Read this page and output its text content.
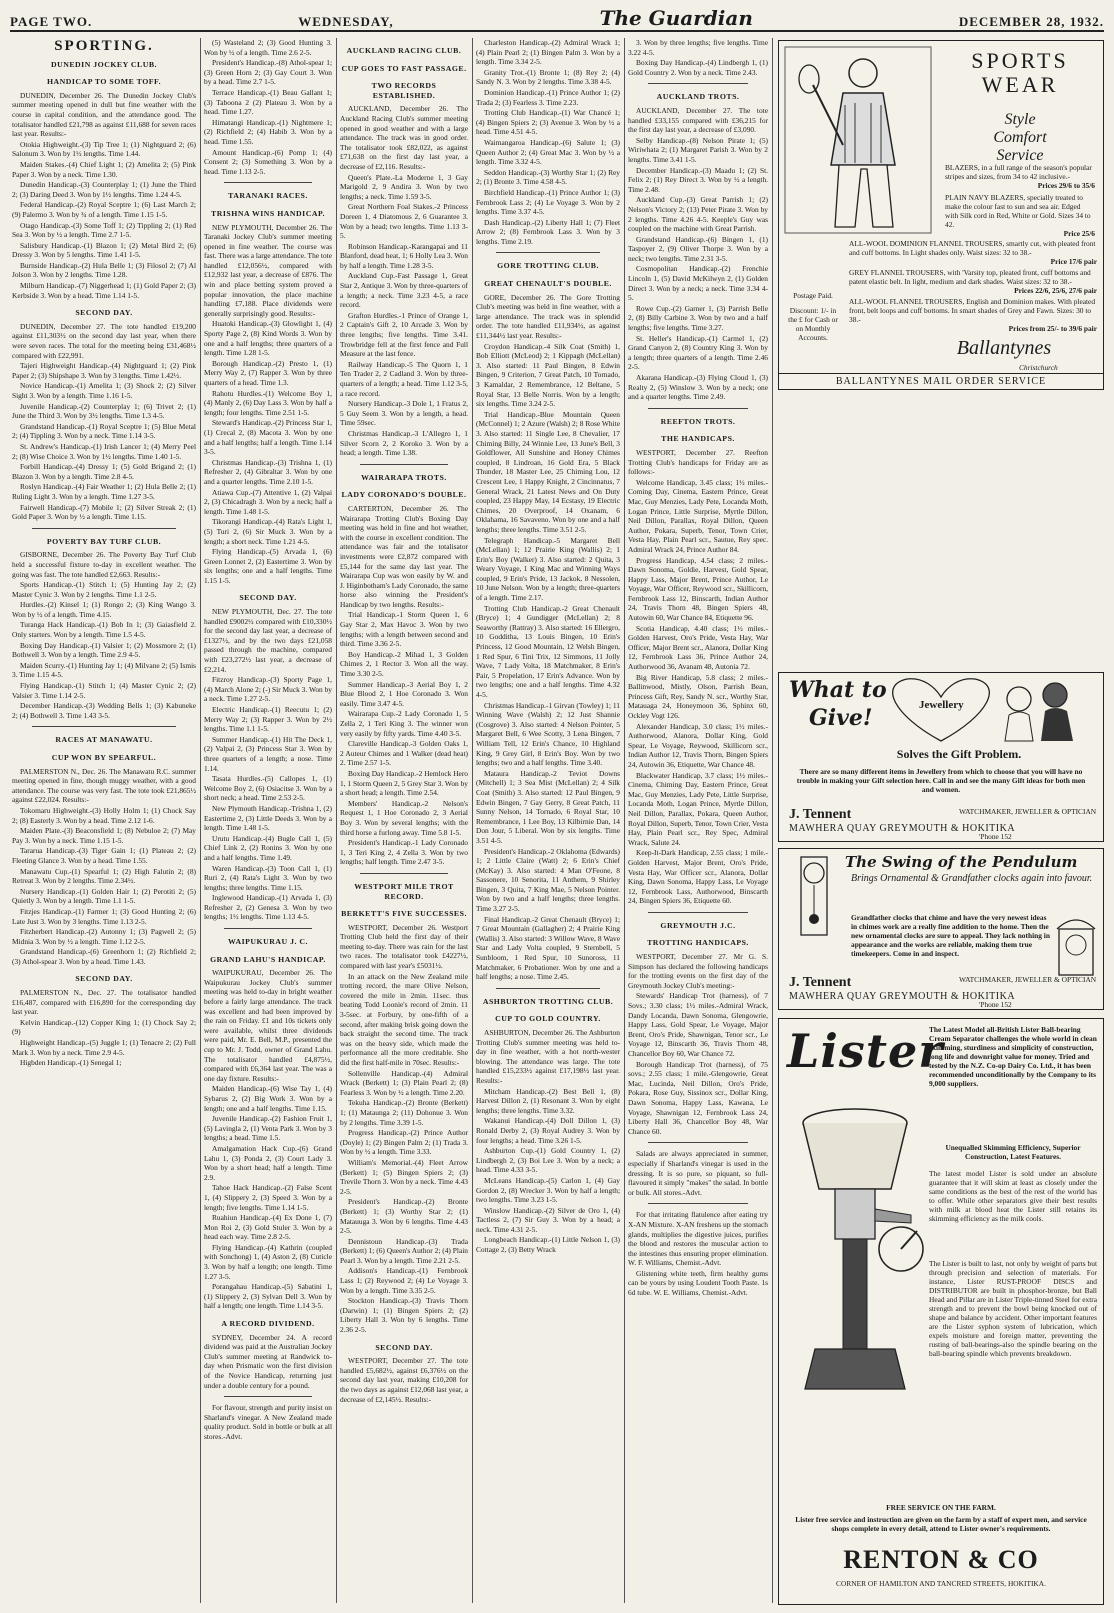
PAGE TWO.	WEDNESDAY,	The Guardian	DECEMBER 28, 1932.

SPORTING.

DUNEDIN JOCKEY CLUB.

HANDICAP TO SOME TOFF.

DUNEDIN, December 26. The Dunedin Jockey Club's summer meeting opened in dull but fine weather with the course in capital condition, and the attendance good. The totalisator handled £21,798 as against £11,688 for seven races last year. Results:-

Otokia Highweight.-(3) Tip Tree 1; (1) Nightguard 2; (6) Salonum 3. Won by 1½ lengths. Time 1.44.

Maiden Stakes.-(4) Chief Light 1; (2) Amelita 2; (5) Pink Paper 3. Won by a neck. Time 1.30.

Dunedin Handicap.-(3) Counterplay 1; (1) June the Third 2; (3) Daring Deed 3. Won by 1½ lengths. Time 1.24 4-5.

Federal Handicap.-(2) Royal Sceptre 1; (6) Last March 2; (9) Palermo 3. Won by ¾ of a length. Time 1.15 1-5.

Otago Handicap.-(3) Some Toff 1; (2) Tippling 2; (1) Red Sea 3. Won by ½ a length. Time 2.7 1-5.

Salisbury Handicap.-(1) Blazon 1; (2) Metal Bird 2; (6) Dressy 3. Won by 5 lengths. Time 1.41 1-5.

Burnside Handicap.-(2) Hula Belle 1; (3) Filosol 2; (7) Al Jolson 3. Won by 2 lengths. Time 1.28.

Milburn Handicap.-(7) Niggerhead 1; (1) Gold Paper 2; (3) Kerbside 3. Won by a head. Time 1.14 1-5.

SECOND DAY.

DUNEDIN, December 27. The tote handled £19,200 against £11,303½ on the second day last year, when there were seven races. The total for the meeting being £31,468½ compared with £22,991.

Tajeri Highweight Handicap.-(4) Nightguard 1; (2) Pink Paper 2; (3) Shipshape 3. Won by 3 lengths. Time 1.42½.

Novice Handicap.-(1) Amelita 1; (3) Shock 2; (2) Silver Sight 3. Won by a length. Time 1.16 1-5.

Juvenile Handicap.-(2) Counterplay 1; (6) Trivet 2; (1) June the Third 3. Won by 3½ lengths. Time 1.3 4-5.

Grandstand Handicap.-(1) Royal Sceptre 1; (5) Blue Metal 2; (4) Tippling 3. Won by a neck. Time 1.14 3-5.

St. Andrew's Handicap.-(1) Irish Lancer 1; (4) Merry Peel 2; (8) Wise Choice 3. Won by 1½ lengths. Time 1.40 1-5.

Forbill Handicap.-(4) Dressy 1; (5) Gold Brigand 2; (1) Blazon 3. Won by a length. Time 2.8 4-5.

Roslyn Handicap.-(4) Fair Weather 1; (2) Hula Belle 2; (1) Ruling Light 3. Won by a length. Time 1.27 3-5.

Fairwell Handicap.-(7) Mobile 1; (2) Silver Streak 2; (1) Gold Paper 3. Won by ½ a length. Time 1.15.

POVERTY BAY TURF CLUB.

GISBORNE, December 26. The Poverty Bay Turf Club held a successful fixture to-day in excellent weather. The going was fast. The tote handled £2,663. Results:-

Sports Handicap.-(1) Stitch 1; (5) Hunting Jay 2; (2) Master Cynic 3. Won by 2 lengths. Time 1.1 2-5.

Hurdles.-(2) Kinsel 1; (1) Rongo 2; (3) King Wango 3. Won by ½ of a length. Time 4.15.

Turanga Hack Handicap.-(1) Bob In 1; (3) Gaiasfield 2. Only starters. Won by a length. Time 1.5 4-5.

Boxing Day Handicap.-(1) Valsier 1; (2) Mossmore 2; (1) Bothwell 3. Won by a length. Time 2.9 4-5.

Maiden Scurry.-(1) Hunting Jay 1; (4) Milvane 2; (5) Ismis 3. Time 1.15 4-5.

Flying Handicap.-(1) Stitch 1; (4) Master Cynic 2; (2) Valsier 3. Time 1.14 2-5.

December Handicap.-(3) Wedding Bells 1; (3) Kabuneke 2; (4) Bothwell 3. Time 1.43 3-5.

RACES AT MANAWATU.

CUP WON BY SPEARFUL.

PALMERSTON N., Dec. 26. The Manawatu R.C. summer meeting opened in fine, though muggy weather, with a good attendance. The course was very fast. The tote took £21,865½ against £22,024. Results:-

Tokomaru Highweight.-(3) Holly Holm 1; (1) Chock Say 2; (8) Easterly 3. Won by a head. Time 2.12 1-6.

Maiden Plate.-(3) Beaconsfield 1; (8) Nebuloe 2; (7) May Pay 3. Won by a neck. Time 1.15 1-5.

Tararua Handicap.-(3) Tiger Gain 1; (1) Plateau 2; (2) Fleeting Glance 3. Won by a head. Time 1.55.

Manawatu Cup.-(1) Spearful 1; (2) High Falutin 2; (8) Retreat 3. Won by 2 lengths. Time 2.34½.

Nursery Handicap.-(1) Golden Hair 1; (2) Perotiti 2; (5) Quietly 3. Won by a length. Time 1.1 1-5.

Fitzjes Handicap.-(1) Farmer 1; (3) Good Hunting 2; (6) Late Just 3. Won by 3 lengths. Time 1.13 2-5.

Fitzherbert Handicap.-(2) Autonny 1; (3) Pagwell 2; (5) Midnia 3. Won by ½ a length. Time 1.12 2-5.

Grandstand Handicap.-(6) Greenhorn 1; (2) Richfield 2; (3) Athol-spear 3. Won by a head. Time 1.43.

SECOND DAY.

PALMERSTON N., Dec. 27. The totalisator handled £16,487, compared with £16,890 for the corresponding day last year.

Kelvin Handicap.-(12) Copper King 1; (1) Chock Say 2; (9)

Highweight Handicap.-(5) Juggle 1; (1) Tenacre 2; (2) Full Mark 3. Won by a neck. Time 2.9 4-5.

Higbden Handicap.-(1) Senegal 1;

(5) Wasteland 2; (3) Good Hunting 3. Won by ½ of a length. Time 2.6 2-5.

President's Handicap.-(8) Athol-spear 1; (3) Green Horn 2; (3) Gay Court 3. Won by a head. Time 2.7 1-5.

Terrace Handicap.-(1) Beau Gallant 1; (3) Taboona 2 (2) Plateau 3. Won by a head. Time 1.27.

Himatangi Handicap.-(1) Nightmere 1; (2) Richfield 2; (4) Habib 3. Won by a head. Time 1.55.

Amount Handicap.-(6) Pomp 1; (4) Consent 2; (3) Something 3. Won by a head. Time 1.13 2-5.

TARANAKI RACES.

TRISHNA WINS HANDICAP.

NEW PLYMOUTH, December 26. The Taranaki Jockey Club's summer meeting opened in fine weather. The course was fast. There was a large attendance. The tote handled £12,056½, compared with £12,932 last year, a decrease of £876. The win and place betting system proved a popular innovation, the place machine handling £7,188. Place dividends were generally surprisingly good. Results:-

Huatoki Handicap.-(3) Glowlight 1, (4) Sporty Page 2, (8) Kind Words 3. Won by one and a half lengths; three quarters of a length. Time 1.28 1-5.

Borough Handicap.-(2) Presto 1, (1) Merry Way 2, (7) Rapper 3. Won by three quarters of a head. Time 1.3.

Rahotu Hurdles.-(1) Welcome Boy 1, (4) Manly 2, (6) Day Lass 3. Won by half a length; four lengths. Time 2.51 1-5.

Steward's Handicap.-(2) Princess Star 1, (1) Crecal 2, (8) Macota 3. Won by one and a half lengths; half a length. Time 1.14 3-5.

Christmas Handicap.-(3) Trishna 1, (1) Refresher 2, (4) Gibraltar 3. Won by one and a quarter lengths. Time 2.10 1-5.

Atiawa Cup.-(7) Attentive 1, (2) Valpai 2, (3) Chicadragh 3. Won by a neck; half a length. Time 1.48 1-5.

Tikorangi Handicap.-(4) Rata's Light 1, (5) Turi 2, (6) Sir Muck 3. Won by a length; a short neck. Time 1.21 4-5.

Flying Handicap.-(5) Arvada 1, (6) Green Lonnet 2, (2) Eastertime 3. Won by six lengths; one and a half lengths. Time 1.15 1-5.

SECOND DAY.

NEW PLYMOUTH, Dec. 27. The tote handled £9002½ compared with £10,330½ for the second day last year, a decrease of £1327½, and by the two days £21,058 passed through the machine, compared with £23,272½ last year, a decrease of £2,214.

Fitzroy Handicap.-(3) Sporty Page 1, (4) March Alone 2; (-) Sir Muck 3. Won by a neck. Time 1.27 2-5.

Electric Handicap.-(1) Reecutu 1; (2) Merry Way 2; (3) Rapper 3. Won by 2½ lengths. Time 1.1 1-5.

Summer Handicap.-(1) Hit The Deck 1, (2) Valpai 2, (3) Princess Star 3. Won by three quarters of a length; a nose. Time 1.14.

Tasata Hurdles.-(5) Callopes 1, (1) Welcome Boy 2, (6) Osiacitse 3. Won by a short neck; a head. Time 2.53 2-5.

New Plymouth Handicap.-Trishna 1, (2) Eastertime 2, (3) Little Deeds 3. Won by a length. Time 1.48 1-5.

Urutu Handicap.-(4) Bugle Call 1, (5) Chief Link 2, (2) Ronins 3. Won by one and a half lengths. Time 1.49.

Waren Handicap.-(3) Toon Call 1, (1) Ruri 2, (4) Rata's Light 3. Won by two lengths; three lengths. Time 1.15.

Inglewood Handicap.-(1) Arvada 1, (3) Refresher 2, (2) Genesa 3. Won by two lengths; 1½ lengths. Time 1.13 4-5.

WAIPUKURAU J. C.

GRAND LAHU'S HANDICAP.

WAIPUKURAU, December 26. The Waipukurau Jockey Club's summer meeting was held to-day in bright weather before a fairly large attendance. The track was excellent and had been improved by the rain on Friday. £1 and 10s tickets only were available, whilst three dividends were paid, Mr. E. Bell, M.P., presented the cup to Mr. J. Todd, owner of Grand Lahu. The totalisator handled £4,875½, compared with £6,364 last year. The was a one day fixture. Results:-

Maiden Handicap.-(6) Wise Tay 1, (4) Sybarus 2, (2) Big Work 3. Won by a length; one and a half lengths. Time 1.15.

Juvenile Handicap.-(2) Fashion Fruit 1, (5) Lavingla 2, (1) Venta Park 3. Won by 3 lengths; a head. Time 1.5.

Amalgamation Hack Cup.-(6) Grand Lahu 1, (3) Ponda 2, (3) Court Lady 3. Won by a short head; half a length. Time 2.9.

Tahoe Hack Handicap.-(2) False Scent 1, (4) Slippery 2, (3) Speed 3. Won by a length; five lengths. Time 1.14 1-5.

Ruahiun Handicap.-(4) Ex Done 1, (7) Mon Roi 2, (3) Gold Stuler 3. Won by a head each way. Time 2.8 2-5.

Flying Handicap.-(4) Kathrin (coupled with Sonchong) 1, (4) Aston 2, (8) Cuticle 3. Won by half a length; one length. Time 1.27 3-5.

Porangahau Handicap.-(5) Sabatini 1, (1) Slippery 2, (3) Sylvan Dell 3. Won by half a length; one length. Time 1.14 3-5.

A RECORD DIVIDEND.

SYDNEY, December 24. A record dividend was paid at the Australian Jockey Club's summer meeting at Randwick to-day when Prismatic won the first division of the Novice Handicap, returning just under a double century for a pound.

For flavour, strength and purity insist on Sharland's vinegar. A New Zealand made quality product. Sold in bottle or bulk at all stores.-Advt.

AUCKLAND RACING CLUB.

CUP GOES TO FAST PASSAGE.

TWO RECORDS ESTABLISHED.

AUCKLAND, December 26. The Auckland Racing Club's summer meeting opened in good weather and with a large attendance. The track was in good order. The totalisator took £82,022, as against £71,638 on the first day last year, a decrease of £2,116. Results:-

Queen's Plate.-La Moderne 1, 3 Gay Marigold 2, 9 Andira 3. Won by two lengths; a neck. Time 1.59 3-5.

Great Northern Foal Stakes.-2 Princess Doreen 1, 4 Diatomous 2, 6 Guarantee 3. Won by a head; two lengths. Time 1.13 3-5.

Robinson Handicap.-Karangapai and 11 Blanford, dead heat, 1; 6 Holly Lea 3. Won by half a length. Time 1.28 3-5.

Auckland Cup.-Fast Passage 1, Great Star 2, Antique 3. Won by three-quarters of a length; a neck. Time 3.23 4-5, a race record.

Grafton Hurdles.-1 Prince of Orange 1, 2 Captain's Gift 2, 10 Arcade 3. Won by three lengths; five lengths. Time 3.41. Trowbridge fell at the first fence and Full Measure at the last fence.

Railway Handicap.-5 The Quorn 1, 1 Ten Trader 2, 2 Cadland 3. Won by three-quarters of a length; a head. Time 1.12 3-5, a race record.

Nursery Handicap.-3 Dole 1, 1 Fratus 2, 5 Guy Seem 3. Won by a length, a head. Time 59sec.

Christmas Handicap.-3 L'Allegro 1, 1 Silver Scorn 2, 2 Koroko 3. Won by a head; a length. Time 1.38.

WAIRARAPA TROTS.

LADY CORONADO'S DOUBLE.

CARTERTON, December 26. The Wairarapa Trotting Club's Boxing Day meeting was held in fine and hot weather, with the course in excellent condition. The attendance was fair and the totalisator investments were £2,872 compared with £5,144 for the same day last year. The Wairarapa Cup was won easily by W. and J. Higinbotham's Lady Coronado, the same horse also winning the President's Handicap by two lengths. Results:-

Trial Handicap.-1 Storm Queen 1, 6 Gay Star 2, Max Havoc 3. Won by two lengths; with a length between second and third. Time 3.36 2-5.

Boy Handicap.-2 Mihad 1, 3 Golden Chimes 2, 1 Rector 3. Won all the way. Time 3.30 2-5.

Summer Handicap.-3 Aerial Boy 1, 2 Blue Blood 2, 1 Hoe Coronado 3. Won easily. Time 3.47 4-5.

Wairarapa Cup.-2 Lady Coronado 1, 5 Zella 2, 1 Teri King 3. The winner won very easily by fifty yards. Time 4.40 3-5.

Clareville Handicap.-3 Golden Oaks 1, 2 Auteur Chimes and 1 Walker (dead heat) 2. Time 2.57 1-5.

Boxing Day Handicap.-2 Hemlock Hero 1, 1 Storm Queen 2, 5 Grey Star 3. Won by a short head; a length. Time 2.54.

Members' Handicap.-2 Nelson's Request 1, 1 Hoe Coronado 2, 3 Aerial Boy 3. Won by several lengths; with the third horse a furlong away. Time 5.8 1-5.

President's Handicap.-1 Lady Coronado 1, 3 Teri King 2, 4 Zella 3. Won by two lengths; half length. Time 2.47 3-5.

WESTPORT MILE TROT RECORD.

BERKETT'S FIVE SUCCESSES.

WESTPORT, December 26. Westport Trotting Club held the first day of their meeting to-day. There was rain for the last two races. The totalisator took £4227½, compared with last year's £5031½.

In an attack on the New Zealand mile trotting record, the mare Olive Nelson, covered the mile in 2min. 11sec. thus beating Todd Loonie's record of 2min. 11 3-5sec. at Forbury, by one-fifth of a second, after making brisk going down the back straight the second time. The track was on the heavy side, which made the performance all the more creditable. She did the first half-mile in 70sec. Results:-

Sollenville Handicap.-(4) Admiral Wrack (Berkett) 1; (3) Plain Pearl 2; (8) Fearless 3. Won by ½ a length. Time 2.20.

Tekuha Handicap.-(2) Bronte (Berkett) 1; (1) Mataunga 2; (11) Dohonue 3. Won by 2 lengths. Time 3.39 1-5.

Progress Handicap.-(2) Prince Author (Doyle) 1; (2) Bingen Palm 2; (1) Trada 3. Won by ½ a length. Time 3.33.

William's Memorial.-(4) Fleet Arrow (Berkett) 1; (5) Bingen Spiers 2; (3) Trevile Thorn 3. Won by a neck. Time 4.43 2-5.

President's Handicap.-(2) Bronte (Berkett) 1; (3) Worthy Star 2; (1) Matauuga 3. Won by 6 lengths. Time 4.43 2-5.

Dennistoun Handicap.-(3) Trada (Berkett) 1; (6) Queen's Author 2; (4) Plain Pearl 3. Won by a length. Time 2.21 2-5.

Addison's Handicap.-(1) Fernbrook Lass 1; (2) Reywood 2; (4) Le Voyage 3. Won by a length. Time 3.35 2-5.

Stockton Handicap.-(3) Travis Thorn (Darwin) 1; (1) Bingen Spiers 2; (2) Liberty Hall 3. Won by 6 lengths. Time 2.36 2-5.

SECOND DAY.

WESTPORT, December 27. The tote handled £5,682½, against £6,376½ on the second day last year, making £10,208 for the two days as against £12,068 last year, a decrease of £2,145½. Results:-

Charleston Handicap.-(2) Admiral Wrack 1; (4) Plain Pearl 2; (1) Bingen Palm 3. Won by a length. Time 3.34 2-5.

Granity Trot.-(1) Bronte 1; (8) Rey 2; (4) Sandy N. 3. Won by 2 lengths. Time 3.38 4-5.

Dominion Handicap.-(1) Prince Author 1; (2) Trada 2; (3) Fearless 3. Time 2.23.

Trotting Club Handicap.-(1) War Chancé 1; (4) Bingen Spiers 2; (3) Avenue 3. Won by ½ a head. Time 4.51 4-5.

Waimangaroa Handicap.-(6) Salute 1; (3) Queen Author 2; (4) Great Mac 3. Won by ½ a length. Time 3.32 4-5.

Seddon Handicap.-(3) Worthy Star 1; (2) Rey 2; (1) Bronte 3. Time 4.58 4-5.

Birchfield Handicap.-(1) Prince Author 1; (3) Fernbrook Lass 2; (4) Le Voyage 3. Won by 2 lengths. Time 3.37 4-5.

Dash Handicap.-(2) Liberty Hall 1; (7) Fleet Arrow 2; (8) Fernbrook Lass 3. Won by 3 lengths. Time 2.19.

GORE TROTTING CLUB.

GREAT CHENAULT'S DOUBLE.

GORE, December 26. The Gore Trotting Club's meeting was held in fine weather, with a large attendance. The track was in splendid order. The tote handled £11,934½, as against £11,344½ last year. Results:-

Croydon Handicap.-4 Silk Coat (Smith) 1, Bob Elliott (McLeod) 2; 1 Kippagh (McLellan) 3. Also started: 11 Paul Bingen, 8 Edwin Bingen, 9 Criterion, 7 Great Patch, 10 Tornado, 3 Kamaldar, 2 Remembrance, 12 Beltane, 5 Royal Star, 13 Belle Norris. Won by a length; six lengths. Time 3.24 2-5.

Trial Handicap.-Blue Mountain Queen (McConnel) 1; 2 Azure (Walsh) 2; 8 Rose White 3. Also started: 11 Single Lee, 8 Chevalier, 17 Chiming Billy, 24 Winnie Lee, 13 June's Bell, 3 Goldflower, All Sunshine and Honey Chimes coupled, 8 Lindroan, 16 Gold Era, 5 Black Thunder, 18 Master Lee, 25 Chiming Lou, 12 Crescent Lee, 1 Happy Knight, 2 Cincinnatus, 7 General Wrack, 21 Latest News and On Duty coupled, 23 Happy May, 14 Ecstasy, 19 Electric Chimes, 20 Overproof, 14 Oxanam, 6 Oklahama, 16 Savaveno. Won by one and a half lengths; three lengths. Time 3.51 2-5.

Telegraph Handicap.-5 Margaret Bell (McLellan) 1; 12 Prairie King (Wallis) 2; 1 Erin's Boy (Walker) 3. Also started: 2 Quita, 3 Weary Voyage, 1 King Mac and Winning Ways coupled, 9 Erin's Pride, 13 Jackok, 8 Nessolen, 10 June Nelson. Won by a length; three-quarters of a length. Time 2.17.

Trotting Club Handicap.-2 Great Chenault (Bryce) 1; 4 Gundigger (McLellan) 2; 8 Seaworthy (Rattray) 3. Also started: 16 Ellergro, 10 Godditha, 13 Louis Bingen, 10 Erin's Princess, 12 Good Mountain, 12 Welsh Bingen, 1 Red Spur, 6 Tini Trix, 12 Simmons, 11 Jolly Wave, 7 Lady Volta, 18 Matchmaker, 8 Erin's Pair, 5 Propelation, 17 Erin's Advance. Won by two lengths; one and a half lengths. Time 4.32 4-5.

Christmas Handicap.-1 Girvan (Towley) 1; 11 Winning Wave (Walsh) 2; 12 Just Shannie (Cosgrove) 3. Also started: 4 Nelson Pointer, 5 Margaret Bell, 6 Wee Scotty, 3 Lena Bingen, 7 William Tell, 12 Erin's Chance, 10 Highland King, 9 Grey Girl, 8 Erin's Boy. Won by two lengths; two and a half lengths. Time 3.40.

Mataura Handicap.-2 Teviot Downs (Mitchell) 1; 3 Sea Mist (McLellan) 2; 4 Silk Coat (Smith) 3. Also started: 12 Paul Bingen, 9 Edwin Bingen, 7 Gay Gerry, 8 Great Patch, 11 Sunny Nelson, 14 Tornado, 6 Royal Star, 10 Remembrance, 1 Lee Boy, 13 Kilbirnie Dan, 14 Don Jour, 5 Liberal. Won by six lengths. Time 3.51 4-5.

President's Handicap.-2 Oklahoma (Edwards) 1; 2 Little Claire (Watt) 2; 6 Erin's Chief (McKay) 3. Also started: 4 Man O'Feone, 8 Sassonere, 10 Senorita, 11 Anthem, 9 Shirley Bingen, 3 Quita, 7 King Mae, 5 Nelson Pointer. Won by two and a half lengths; three lengths. Time 3.27 2-5.

Final Handicap.-2 Great Chenault (Bryce) 1; 7 Great Mountain (Gallagher) 2; 4 Prairie King (Wallis) 3. Also started: 3 Willow Wave, 8 Wave Star and Lady Volta coupled, 9 Sternbell, 5 Sunbloom, 1 Red Spur, 10 Sunoross, 11 Matchmaker, 6 Probationer. Won by one and a half lengths; a nose. Time 2.45.

ASHBURTON TROTTING CLUB.

CUP TO GOLD COUNTRY.

ASHBURTON, December 26. The Ashburton Trotting Club's summer meeting was held to-day in fine weather, with a hot north-wester blowing. The attendance was large. The tote handled £15,233½ against £17,198½ last year. Results:-

Mitcham Handicap.-(2) Best Bell 1, (8) Harvest Dillon 2, (1) Resonant 3. Won by eight lengths; three lengths. Time 3.32.

Wakanui Handicap.-(4) Doll Dillon 1, (3) Ronald Derby 2, (3) Royal Audrey 3. Won by four lengths; a head. Time 3.26 1-5.

Ashburton Cup.-(1) Gold Country 1, (2) Lindbergh 2, (3) Boi Lee 3. Won by a neck; a head. Time 4.33 3-5.

McLeans Handicap.-(5) Carlon 1, (4) Gay Gordon 2, (8) Wrecker 3. Won by half a length; two lengths. Time 3.23 1-5.

Winslow Handicap.-(2) Silver de Oro 1, (4) Tactless 2, (7) Sir Guy 3. Won by a head; a neck. Time 4.31 2-5.

Longbeach Handicap.-(1) Little Nelson 1, (3) Cottage 2, (3) Betty Wrack

3. Won by three lengths; five lengths. Time 3.22 4-5.

Boxing Day Handicap.-(4) Lindbergh 1, (1) Gold Country 2. Won by a neck. Time 2.43.

AUCKLAND TROTS.

AUCKLAND, December 27. The tote handled £33,155 compared with £36,215 for the first day last year, a decrease of £3,090.

Selby Handicap.-(8) Nelson Pirate 1; (5) Wiriwhata 2; (1) Margaret Parish 3. Won by 2 lengths. Time 3.41 1-5.

December Handicap.-(3) Maadu 1; (2) St. Felix 2; (1) Rey Direct 3. Won by ½ a length. Time 2.48.

Auckland Cup.-(3) Great Parrish 1; (2) Nelson's Victory 2; (13) Peter Pirate 3. Won by 2 lengths. Time 4.26 4-5. Keeple's Guy was coupled on the machine with Great Parrish.

Grandstand Handicap.-(6) Bingen 1, (1) Taspoyer 2, (9) Oliver Thorpe 3. Won by a neck; two lengths. Time 2.31 3-5.

Cosmopolitan Handicap.-(2) Frenchie Lincoln 1, (5) David McKilwyn 2, (1) Golden Direct 3. Won by a neck; a neck. Time 3.34 4-5.

Rowe Cup.-(2) Garner 1, (3) Parrish Belle 2, (8) Billy Carbine 3. Won by two and a half lengths; five lengths. Time 3.27.

St. Heller's Handicap.-(1) Carmel 1, (2) Grand Canyon 2, (8) Country King 3. Won by a length; three quarters of a length. Time 2.46 2-5.

Akarana Handicap.-(3) Flying Cloud 1, (3) Realty 2, (5) Winslow 3. Won by a neck; one and a quarter lengths. Time 2.49.

REEFTON TROTS.

THE HANDICAPS.

WESTPORT, December 27. Reefton Trotting Club's handicaps for Friday are as follows:-

Welcome Handicap, 3.45 class; 1½ miles.-Coming Day, Cinema, Eastern Prince, Great Mac, Guy Menzies, Lady Pete, Locanda Moth, Logan Prince, Little Surprise, Myrtle Dillon, Neil Dillon, Parallax, Royal Dillon, Queen Author, Pokara, Superb, Tenor, Town Crier, Vesta Hay, Plain Pearl scr., Sautue, Rey spec. Admiral Wrack 24, Prince Author 84.

Progress Handicap, 4.54 class; 2 miles.-Dawn Sonoma, Goldie, Harvest, Gold Spear, Happy Lass, Major Brent, Prince Author, Le Voyage, War Officer, Reywood scr., Skillicorn, Fernbrook Lass 12, Binscarth, Indian Author 24, Travis Thorn 48, Bingen Spiers 48, Autowin 60, War Chance 84, Etiquette 96.

Scotia Handicap, 4.40 class; 1½ miles.-Golden Harvest, Oro's Pride, Vesta Hay, War Officer, Major Brent scr., Alanora, Dollar King 12, Fernbrook Lass 36, Prince Author 24, Authorwood 36, Avanam 48, Autonia 72.

Big River Handicap, 5.8 class; 2 miles.-Ballinwood, Mistly, Olson, Parrish Bean, Princess Gift, Rey, Sandy N. scr., Worthy Star, Matauaga 24, Honeymoon 36, Sphinx 60, Ockley Vogt 126.

Alexander Handicap, 3.0 class; 1½ miles.-Authorwood, Alanora, Dollar King, Gold Spear, Le Voyage, Reywood, Skillicorn scr., Indian Author 12, Travis Thorn, Bingen Spiers 24, Autowin 36, Etiquette, War Chance 48.

Blackwater Handicap, 3.7 class; 1½ miles.-Cinema, Chiming Day, Eastern Prince, Great Mac, Guy Menzies, Lady Pete, Little Surprise, Locanda Moth, Logan Prince, Myrtle Dillon, Neil Dillon, Parallax, Pokara, Queen Author, Royal Dillon, Superb, Tenor, Town Crier, Vesta Hay, Plain Pearl scr., Rey Spec, Admiral Wrack, Salute 24.

Keep-It-Dark Handicap, 2.55 class; 1 mile.-Golden Harvest, Major Brent, Oro's Pride, Vesta Hay, War Officer scr., Alanora, Dollar King, Dawn Sonoma, Happy Lass, Le Voyage 12, Fernbrook Lass, Authorwood, Binscarth 24, Bingen Spiers 36, Etiquette 60.

GREYMOUTH J.C.

TROTTING HANDICAPS.

WESTPORT, December 27. Mr G. S. Simpson has declared the following handicaps for the trotting events on the first day of the Greymouth Jockey Club's meeting:-

Stewards' Handicap Trot (harness), of 7 Sovs.; 3.30 class; 1½ miles.-Admiral Wrack, Dandy Locanda, Dawn Sonoma, Glengowrie, Happy Lass, Gold Spear, Le Voyage, Major Brent, Oro's Pride, Shawnigan, Tenor scr., Le Voyage 12, Binscarth 36, Travis Thorn 48, Chancellor Boy 60, War Chance 72.

Borough Handicap Trot (harness), of 75 sovs.; 2.55 class; 1 mile.-Glengowrie, Great Mac, Lucinda, Neil Dillon, Oro's Pride, Pokara, Rose Guy, Sissinox scr., Dollar King, Dawn Sonoma, Happy Lass, Kawana, Le Voyage, Shawnigan 12, Fernbrook Lass 24, Liberty Hall 36, Chancellor Boy 48, War Chance 60.

Salads are always appreciated in summer, especially if Sharland's vinegar is used in the dressing. It is so pure, so piquant, so full-flavoured it simply "makes" the salad. In bottle or bulk. All stores.-Advt.

For that irritating flatulence after eating try X-AN Mixture. X-AN freshens up the stomach glands, multiplies the digestive juices, purifies the blood and restores the muscular action to the intestines thus ensuring proper elimination. W. F. Williams, Chemist.-Advt.

Glistening white teeth, firm healthy gums can be yours by using Loudent Tooth Paste. 1s 6d tube. W. E. Williams, Chemist.-Advt.

SPORTS
WEAR
Style
Comfort
Service
BLAZERS, in a full range of the season's popular stripes and sizes, from 34 to 42 inclusive.-
Prices 29/6 to 35/6
PLAIN NAVY BLAZERS, specially treated to make the colour fast to sun and sea air. Edged with Silk cord in Red, White or Gold. Sizes 34 to 42.
Price 25/6
ALL-WOOL DOMINION FLANNEL TROUSERS, smartly cut, with pleated front and cuff bottoms. In Light shades only. Waist sizes: 32 to 38.-
Price 17/6 pair
GREY FLANNEL TROUSERS, with 'Varsity top, pleated front, cuff bottoms and patent elastic belt. In light, medium and dark shades. Waist sizes: 32 to 38.-
Prices 22/6, 25/6, 27/6 pair
ALL-WOOL FLANNEL TROUSERS, English and Dominion makes. With pleated front, belt loops and cuff bottoms. In smart shades of Grey and Fawn. Sizes: 30 to 38.-
Prices from 25/- to 39/6 pair
Postage Paid.
Discount: 1/- in the £ for Cash or on Monthly Accounts.	Ballantynes
Christchurch
BALLANTYNES MAIL ORDER SERVICE
What to
Give!	Jewellery
Solves the Gift Problem.
There are so many different items in Jewellery from which to choose that you will have no trouble in making your Gift selection here. Call in and see the many Gift ideas for both men and women.
J. Tennent	WATCHMAKER, JEWELLER & OPTICIAN
MAWHERA QUAY GREYMOUTH & HOKITIKA
'Phone 152
The Swing of the Pendulum
Brings Ornamental & Grandfather clocks again into favour.
Grandfather clocks that chime and have the very newest ideas in chimes work are a really fine addition to the home. Then the new ornamental clocks are sure to appeal. They lack nothing in appearance and the works are reliable, making them true timekeepers. Come in and inspect.
J. Tennent	WATCHMAKER, JEWELLER & OPTICIAN
MAWHERA QUAY GREYMOUTH & HOKITIKA
'Phone 152
Lister
The Latest Model all-British Lister Ball-bearing Cream Separator challenges the whole world in clean skimming, sturdiness and simplicity of construction, long life and downright value for money. Tried and tested by the N.Z. Co-op Dairy Co. Ltd., it has been recommended unconditionally by the Company to its 9,000 suppliers.
Unequalled Skimming Efficiency, Superior Construction, Latest Features.
The latest model Lister is sold under an absolute guarantee that it will skim at least as closely under the same conditions as the best of the rest of the world has to offer. While other separators give their best results with milk at blood heat the Lister still retains its skimming efficiency as the milk cools.
The Lister is built to last, not only by weight of parts but through precision and selection of materials. For instance, Lister RUST-PROOF DISCS and DISTRIBUTOR are built in phosphor-bronze, but Ball Head and Pillar are in Lister Triple-tinned Steel for extra strength and to prevent the bowl being knocked out of shape and balance by accident. Other important features are the Lister syphon system of lubrication, which expels moisture and foreign matter, preventing the rusting of ball-bearings-also the spindle bearing on the ball-bearing spindle which prevents breakdown.
FREE SERVICE ON THE FARM.
Lister free service and instruction are given on the farm by a staff of expert men, and service shops complete in every detail, attend to Lister owner's requirements.
RENTON & CO
CORNER OF HAMILTON AND TANCRED STREETS, HOKITIKA.
